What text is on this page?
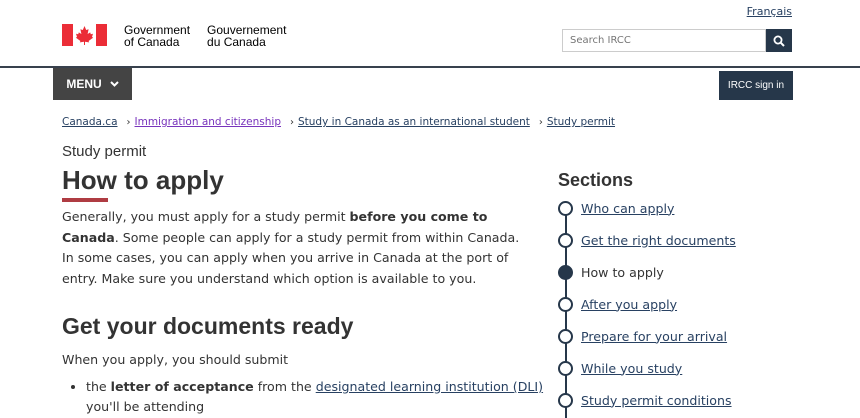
Français
Government
of Canada
Gouvernement
du Canada
Search IRCC
MENU	IRCC sign in
Canada.ca › Immigration and citizenship › Study in Canada as an international student › Study permit
Study permit
How to apply

Generally, you must apply for a study permit before you come to Canada. Some people can apply for a study permit from within Canada. In some cases, you can apply when you arrive in Canada at the port of entry. Make sure you understand which option is available to you.

Get your documents ready
When you apply, you should submit
• the letter of acceptance from the designated learning institution (DLI) you'll be attending
Sections
Who can apply
Get the right documents
How to apply
After you apply
Prepare for your arrival
While you study
Study permit conditions
